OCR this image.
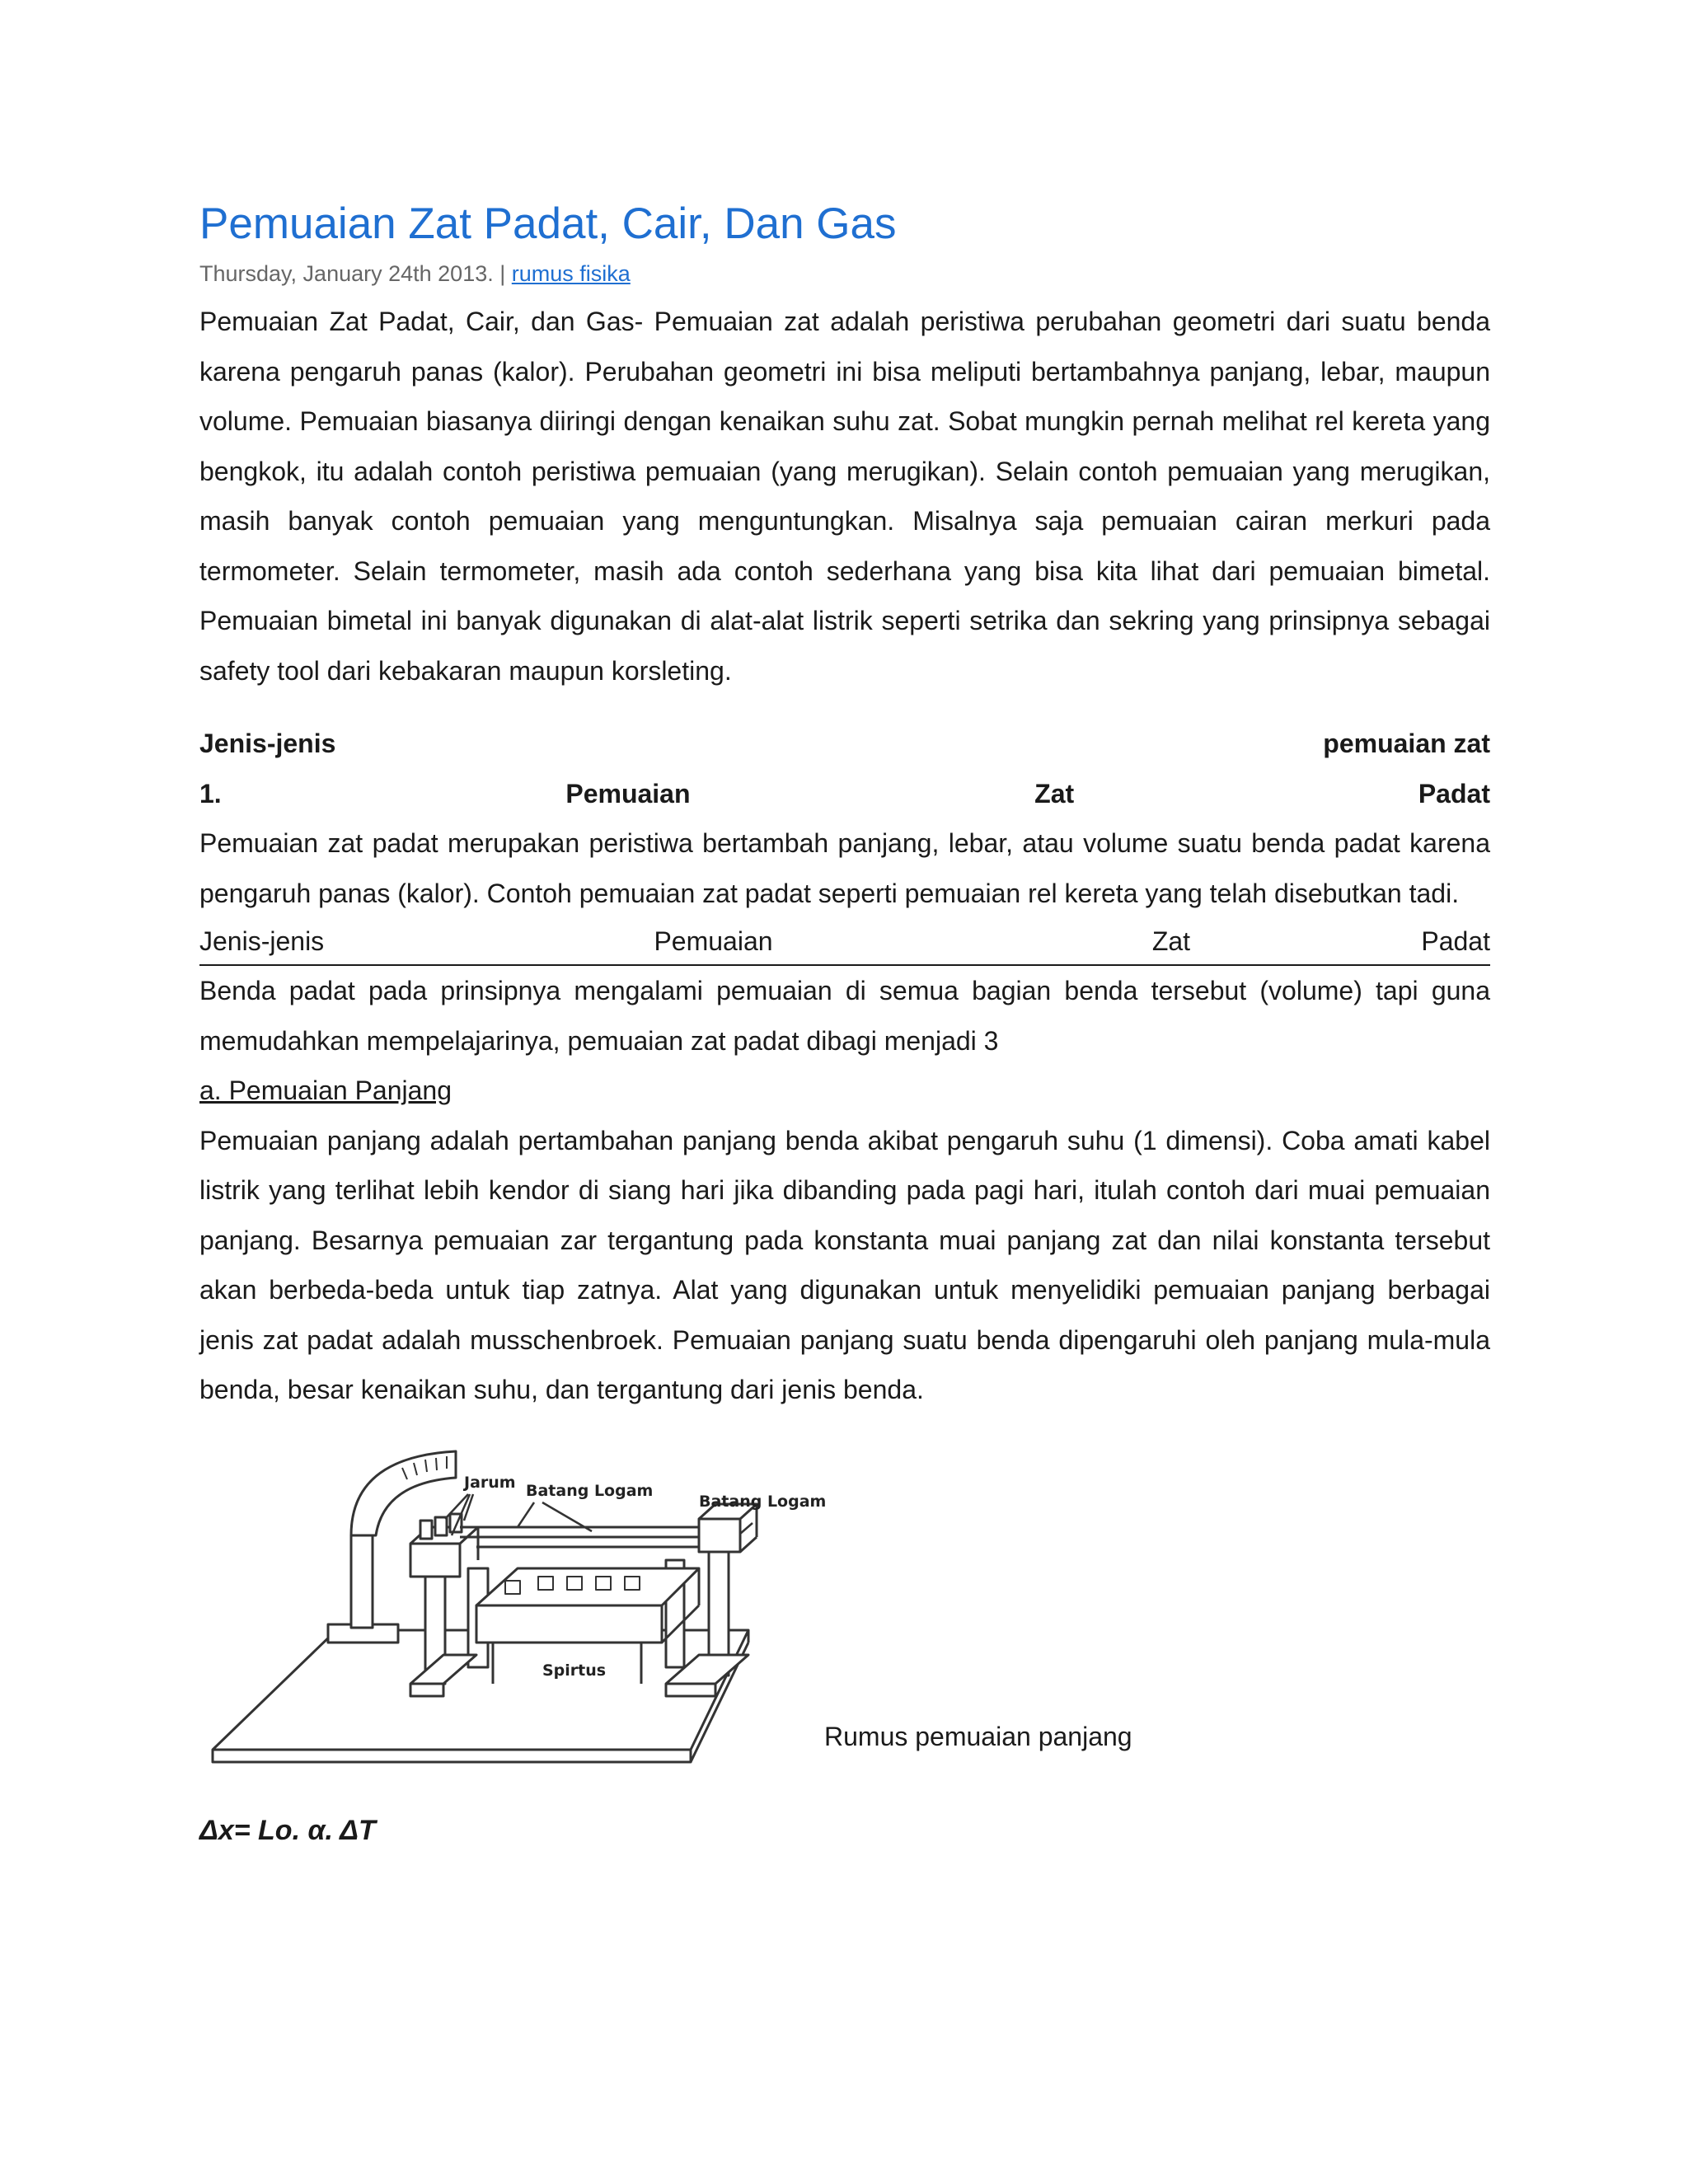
Pemuaian Zat Padat, Cair, Dan Gas
Thursday, January 24th 2013. | rumus fisika

Pemuaian Zat Padat, Cair, dan Gas- Pemuaian zat adalah peristiwa perubahan geometri dari suatu benda karena pengaruh panas (kalor). Perubahan geometri ini bisa meliputi bertambahnya panjang, lebar, maupun volume. Pemuaian biasanya diiringi dengan kenaikan suhu zat. Sobat mungkin pernah melihat rel kereta yang bengkok, itu adalah contoh peristiwa pemuaian (yang merugikan). Selain contoh pemuaian yang merugikan, masih banyak contoh pemuaian yang menguntungkan. Misalnya saja pemuaian cairan merkuri pada termometer. Selain termometer, masih ada contoh sederhana yang bisa kita lihat dari pemuaian bimetal. Pemuaian bimetal ini banyak digunakan di alat-alat listrik seperti setrika dan sekring yang prinsipnya sebagai safety tool dari kebakaran maupun korsleting.

Jenis-jenis	pemuaian zat
1.	Pemuaian	Zat	Padat

Pemuaian zat padat merupakan peristiwa bertambah panjang, lebar, atau volume suatu benda padat karena pengaruh panas (kalor). Contoh pemuaian zat padat seperti pemuaian rel kereta yang telah disebutkan tadi.

Jenis-jenis	Pemuaian	Zat	Padat

Benda padat pada prinsipnya mengalami pemuaian di semua bagian benda tersebut (volume) tapi guna memudahkan mempelajarinya, pemuaian zat padat dibagi menjadi 3

a. Pemuaian Panjang

Pemuaian panjang adalah pertambahan panjang benda akibat pengaruh suhu (1 dimensi). Coba amati kabel listrik yang terlihat lebih kendor di siang hari jika dibanding pada pagi hari, itulah contoh dari muai pemuaian panjang. Besarnya pemuaian zar tergantung pada konstanta muai panjang zat dan nilai konstanta tersebut akan berbeda-beda untuk tiap zatnya. Alat yang digunakan untuk menyelidiki pemuaian panjang berbagai jenis zat padat adalah musschenbroek. Pemuaian panjang suatu benda dipengaruhi oleh panjang mula-mula benda, besar kenaikan suhu, dan tergantung dari jenis benda.

Jarum Batang Logam
Batang Logam
Spirtus
Rumus pemuaian panjang
Δx= Lo. α. ΔT
